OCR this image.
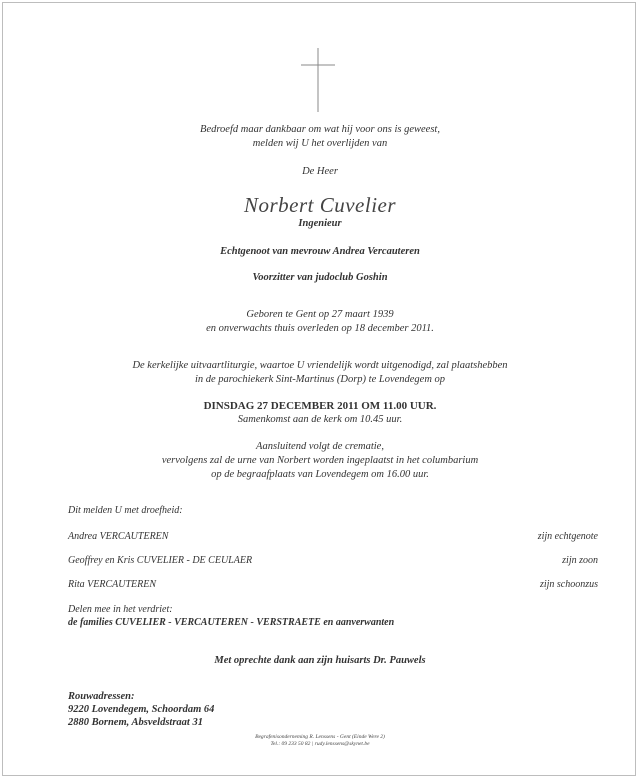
Bedroefd maar dankbaar om wat hij voor ons is geweest,
melden wij U het overlijden van
De Heer
Norbert Cuvelier
Ingenieur
Echtgenoot van mevrouw Andrea Vercauteren
Voorzitter van judoclub Goshin
Geboren te Gent op 27 maart 1939
en onverwachts thuis overleden op 18 december 2011.
De kerkelijke uitvaartliturgie, waartoe U vriendelijk wordt uitgenodigd, zal plaatshebben
in de parochiekerk Sint-Martinus (Dorp) te Lovendegem op
DINSDAG 27 DECEMBER 2011 OM 11.00 UUR.
Samenkomst aan de kerk om 10.45 uur.
Aansluitend volgt de crematie,
vervolgens zal de urne van Norbert worden ingeplaatst in het columbarium
op de begraafplaats van Lovendegem om 16.00 uur.
Dit melden U met droefheid:
Andrea VERCAUTEREN	zijn echtgenote
Geoffrey en Kris CUVELIER - DE CEULAER	zijn zoon
Rita VERCAUTEREN	zijn schoonzus
Delen mee in het verdriet:
de families CUVELIER - VERCAUTEREN - VERSTRAETE en aanverwanten
Met oprechte dank aan zijn huisarts Dr. Pauwels
Rouwadressen:
9220 Lovendegem, Schoordam 64
2880 Bornem, Absveldstraat 31
Begrafenisonderneming R. Lenssens - Gent (Einde Were 2)
Tel.: 09 233 50 82 | rudy.lenssens@skynet.be
